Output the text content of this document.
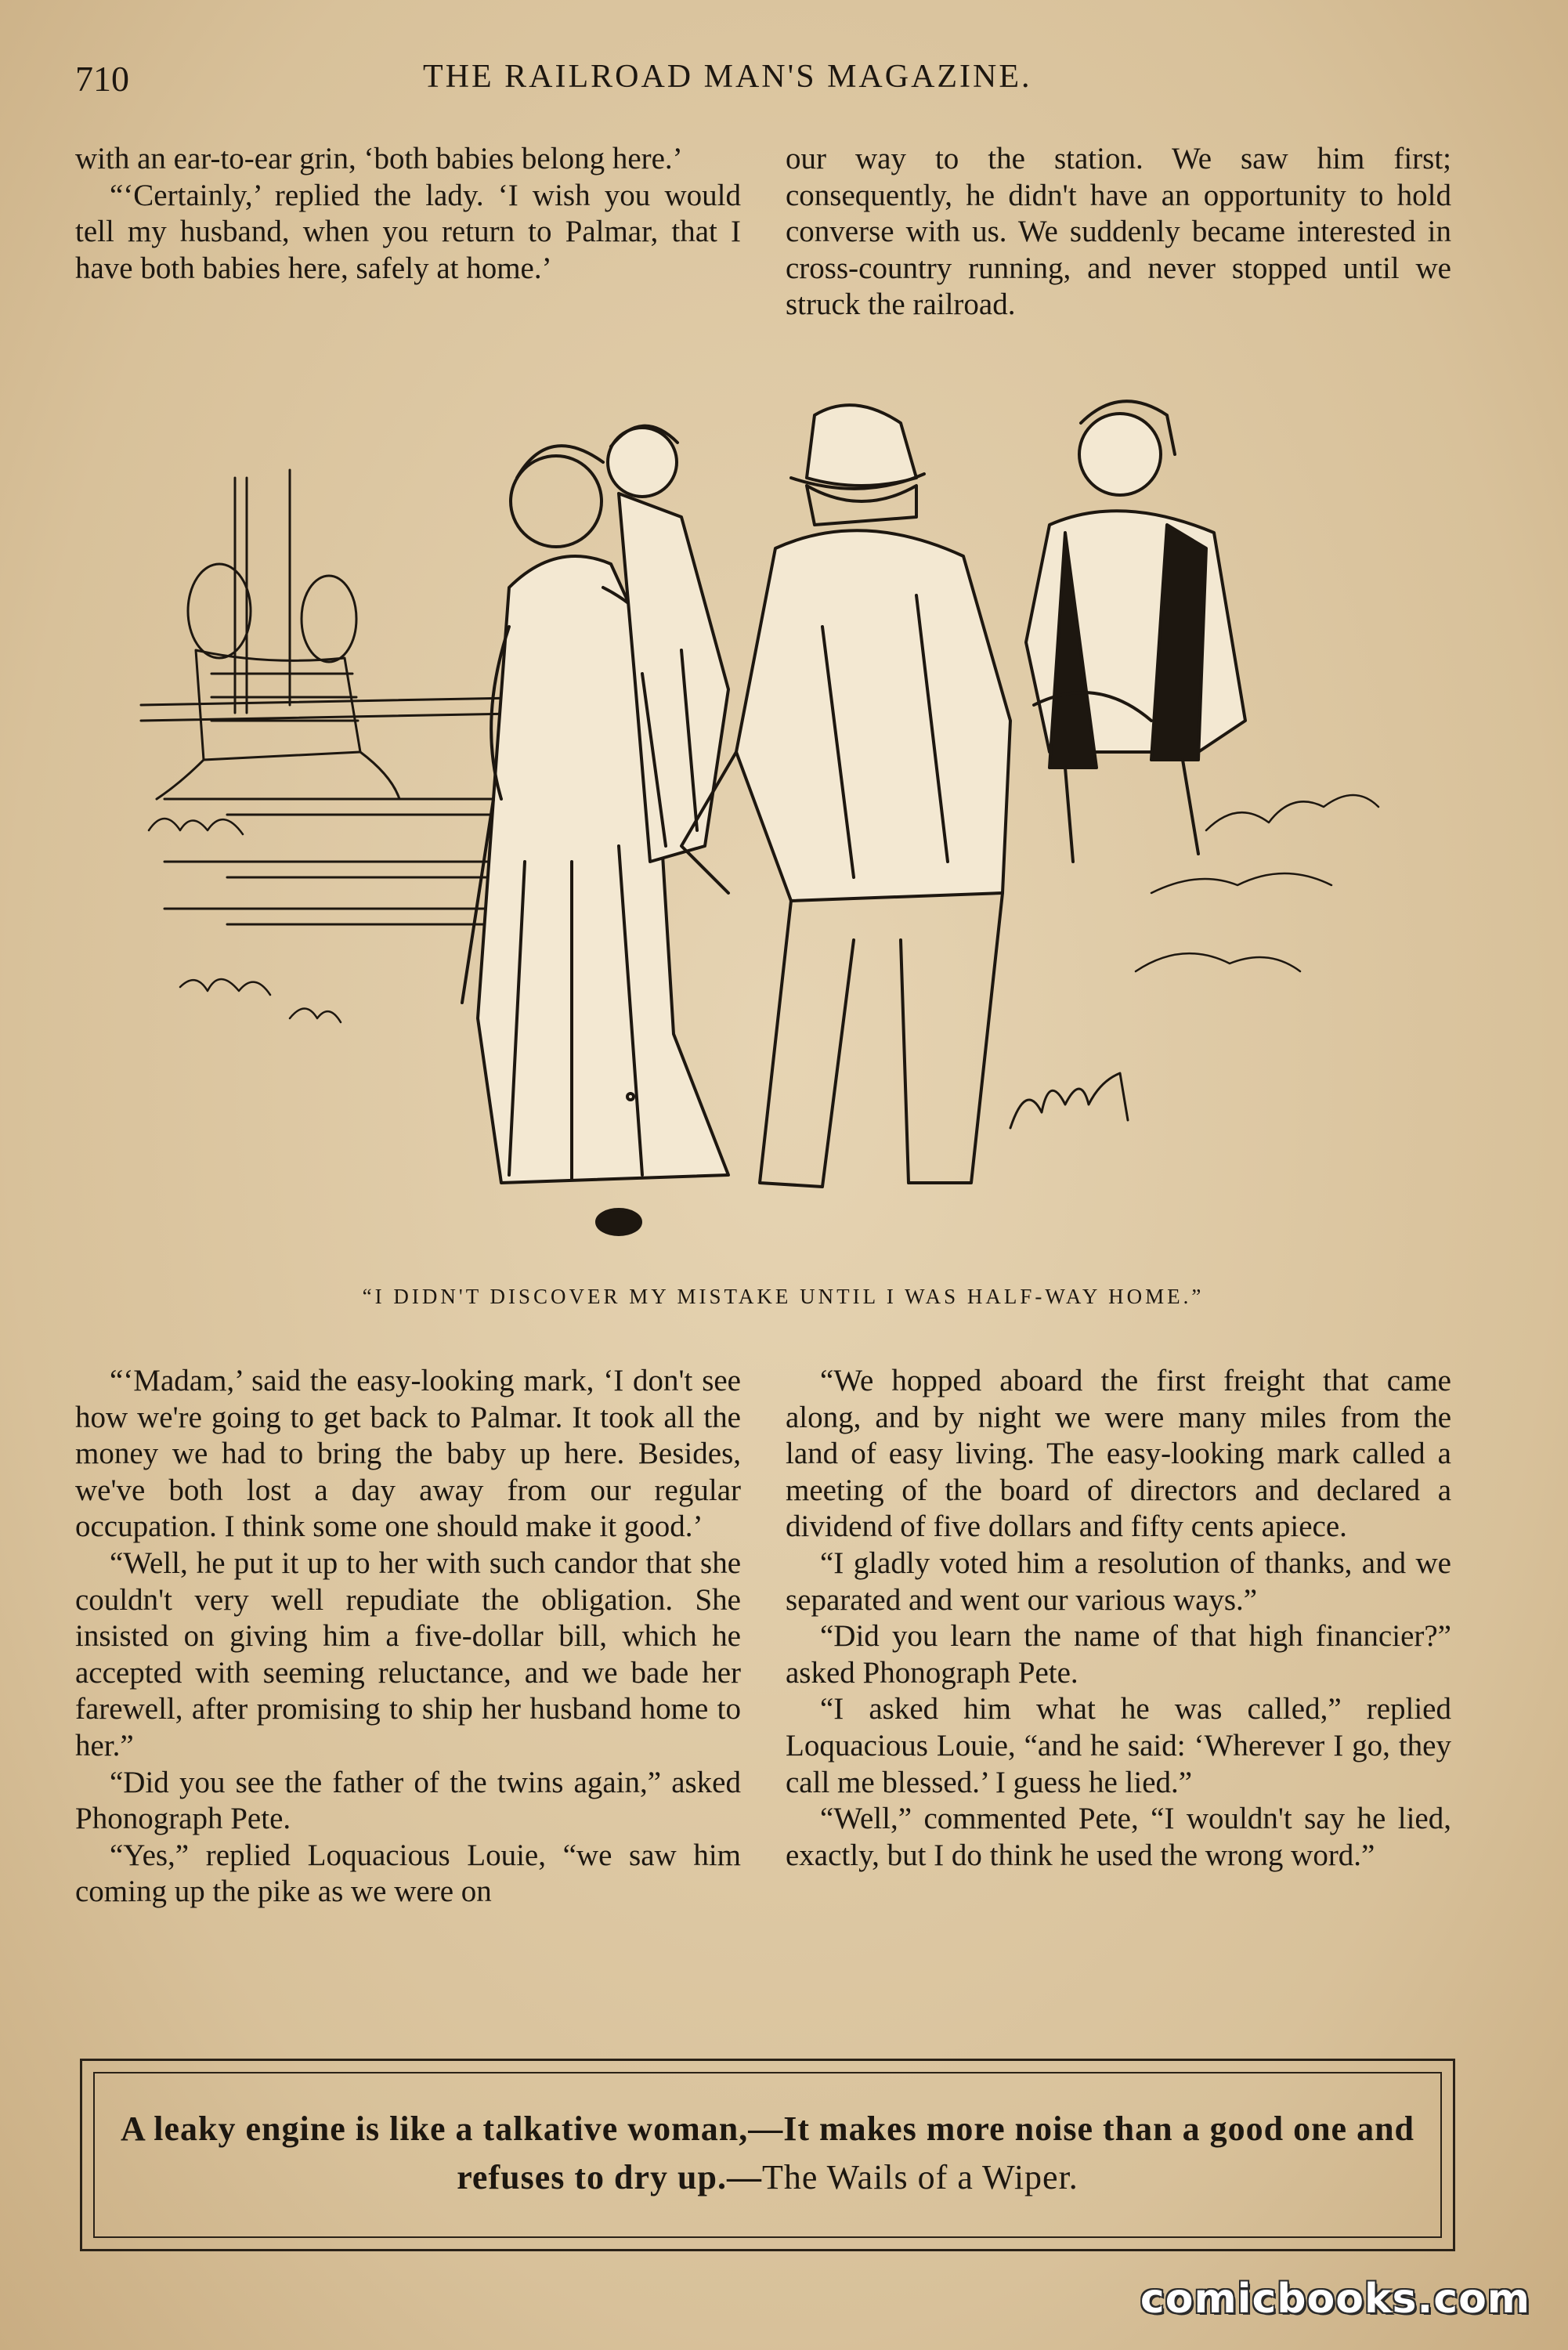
710	THE RAILROAD MAN'S MAGAZINE.

with an ear-to-ear grin, ‘both babies belong here.’

“‘Certainly,’ replied the lady. ‘I wish you would tell my husband, when you return to Palmar, that I have both babies here, safely at home.’

our way to the station. We saw him first; consequently, he didn't have an opportunity to hold converse with us. We suddenly became interested in cross-country running, and never stopped until we struck the railroad.

“I DIDN'T DISCOVER MY MISTAKE UNTIL I WAS HALF-WAY HOME.”

“‘Madam,’ said the easy-looking mark, ‘I don't see how we're going to get back to Palmar. It took all the money we had to bring the baby up here. Besides, we've both lost a day away from our regular occupation. I think some one should make it good.’

“Well, he put it up to her with such candor that she couldn't very well repudiate the obligation. She insisted on giving him a five-dollar bill, which he accepted with seeming reluctance, and we bade her farewell, after promising to ship her husband home to her.”

“Did you see the father of the twins again,” asked Phonograph Pete.

“Yes,” replied Loquacious Louie, “we saw him coming up the pike as we were on

“We hopped aboard the first freight that came along, and by night we were many miles from the land of easy living. The easy-looking mark called a meeting of the board of directors and declared a dividend of five dollars and fifty cents apiece.

“I gladly voted him a resolution of thanks, and we separated and went our various ways.”

“Did you learn the name of that high financier?” asked Phonograph Pete.

“I asked him what he was called,” replied Loquacious Louie, “and he said: ‘Wherever I go, they call me blessed.’ I guess he lied.”

“Well,” commented Pete, “I wouldn't say he lied, exactly, but I do think he used the wrong word.”

A leaky engine is like a talkative woman,—It makes more noise than a good one and refuses to dry up.—The Wails of a Wiper.
comicbooks.com
